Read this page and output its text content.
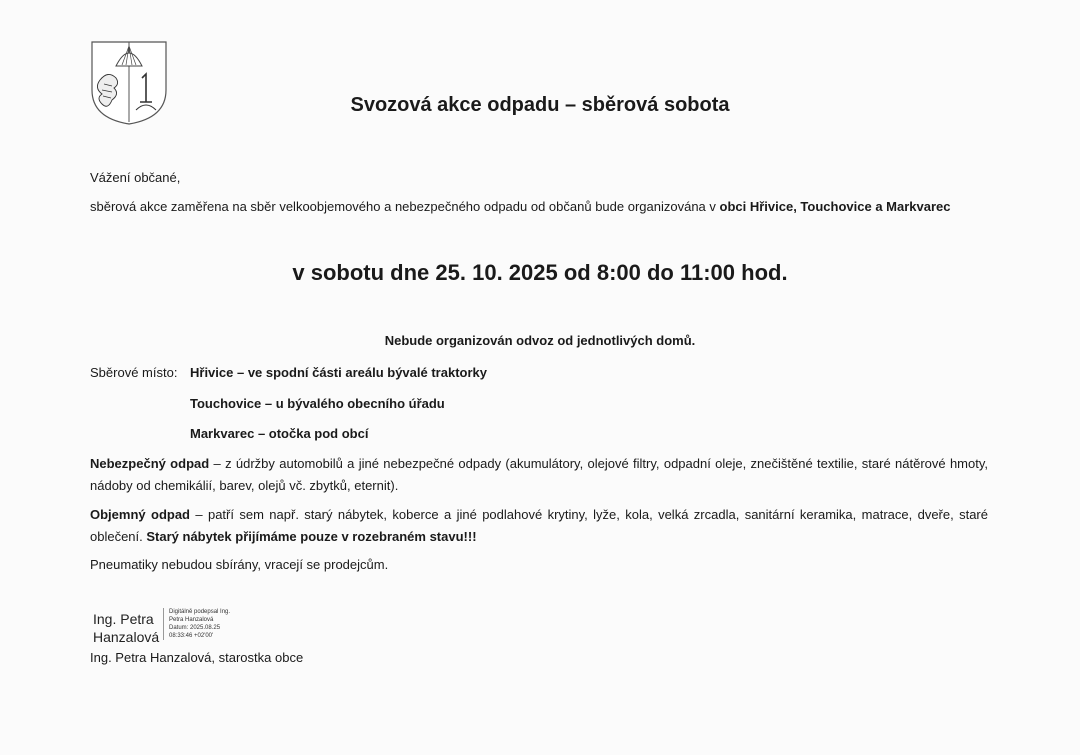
Svozová akce odpadu – sběrová sobota
Vážení občané,
sběrová akce zaměřena na sběr velkoobjemového a nebezpečného odpadu od občanů bude organizována v obci Hřivice, Touchovice a Markvarec
v sobotu dne 25. 10. 2025 od 8:00 do 11:00 hod.
Nebude organizován odvoz od jednotlivých domů.
Sběrové místo: Hřivice – ve spodní části areálu bývalé traktorky
Touchovice – u bývalého obecního úřadu
Markvarec – otočka pod obcí
Nebezpečný odpad – z údržby automobilů a jiné nebezpečné odpady (akumulátory, olejové filtry, odpadní oleje, znečištěné textilie, staré nátěrové hmoty, nádoby od chemikálií, barev, olejů vč. zbytků, eternit).
Objemný odpad – patří sem např. starý nábytek, koberce a jiné podlahové krytiny, lyže, kola, velká zrcadla, sanitární keramika, matrace, dveře, staré oblečení. Starý nábytek přijímáme pouze v rozebraném stavu!!!
Pneumatiky nebudou sbírány, vracejí se prodejcům.
Ing. Petra
Hanzalová
Digitálně podepsal Ing.
Petra Hanzalová
Datum: 2025.08.25
08:33:46 +02'00'
Ing. Petra Hanzalová, starostka obce
